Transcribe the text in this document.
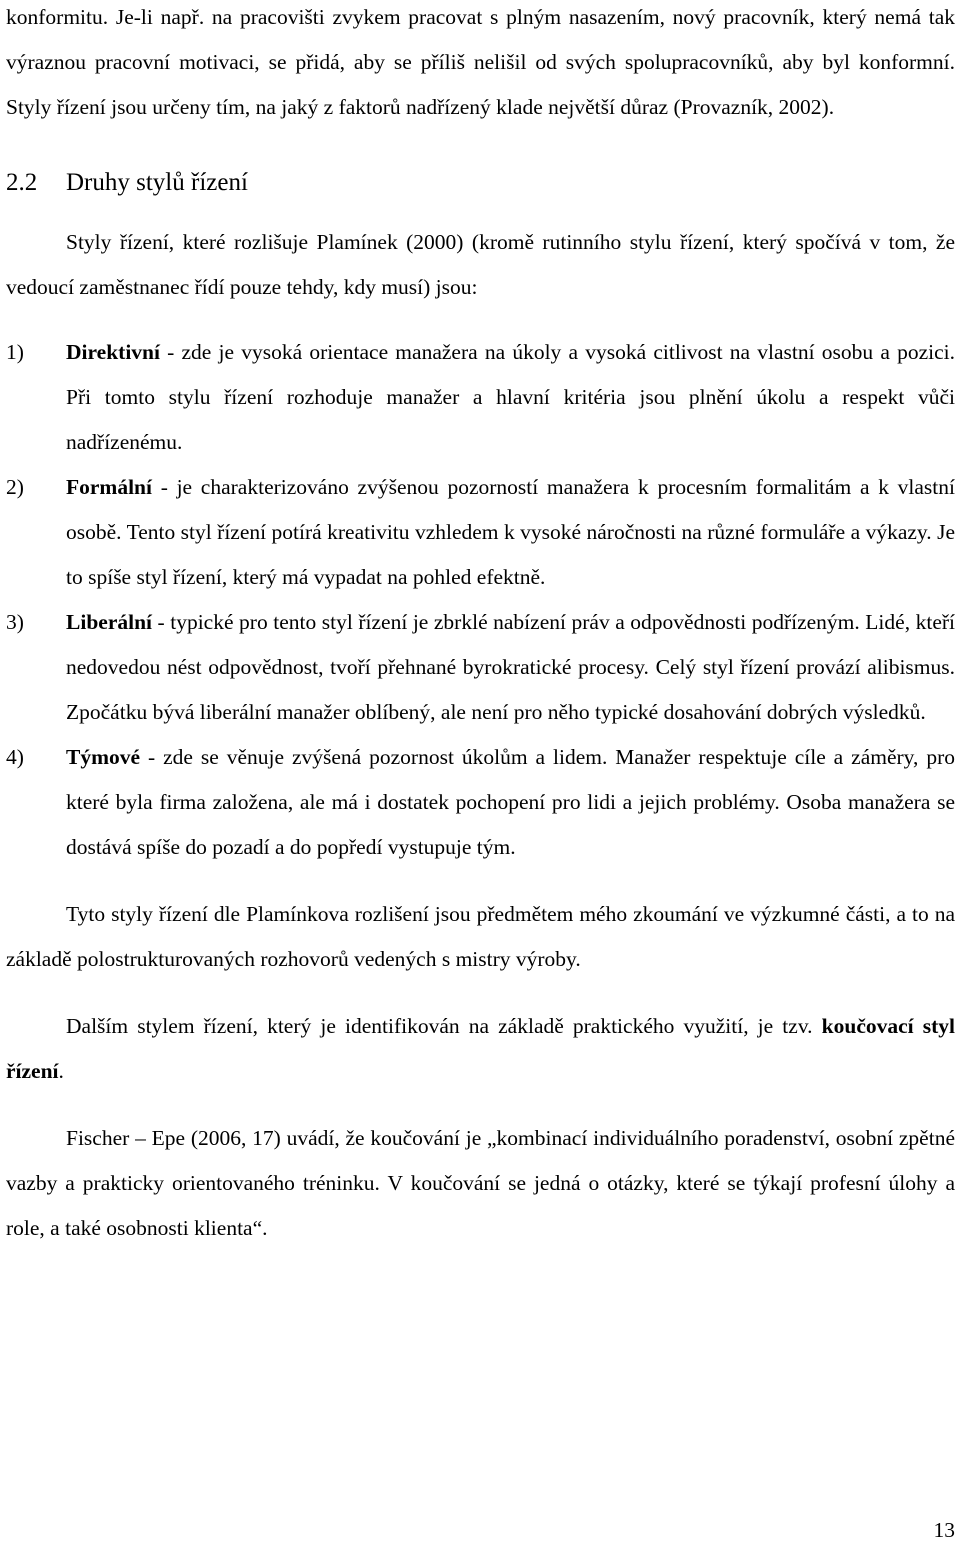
konformitu. Je-li např. na pracovišti zvykem pracovat s plným nasazením, nový pracovník, který nemá tak výraznou pracovní motivaci, se přidá, aby se příliš nelišil od svých spolupracovníků, aby byl konformní. Styly řízení jsou určeny tím, na jaký z faktorů nadřízený klade největší důraz (Provazník, 2002).

2.2 Druhy stylů řízení

Styly řízení, které rozlišuje Plamínek (2000) (kromě rutinního stylu řízení, který spočívá v tom, že vedoucí zaměstnanec řídí pouze tehdy, kdy musí) jsou:

1) Direktivní - zde je vysoká orientace manažera na úkoly a vysoká citlivost na vlastní osobu a pozici. Při tomto stylu řízení rozhoduje manažer a hlavní kritéria jsou plnění úkolu a respekt vůči nadřízenému.
2) Formální - je charakterizováno zvýšenou pozorností manažera k procesním formalitám a k vlastní osobě. Tento styl řízení potírá kreativitu vzhledem k vysoké náročnosti na různé formuláře a výkazy. Je to spíše styl řízení, který má vypadat na pohled efektně.
3) Liberální - typické pro tento styl řízení je zbrklé nabízení práv a odpovědnosti podřízeným. Lidé, kteří nedovedou nést odpovědnost, tvoří přehnané byrokratické procesy. Celý styl řízení provází alibismus. Zpočátku bývá liberální manažer oblíbený, ale není pro něho typické dosahování dobrých výsledků.
4) Týmové - zde se věnuje zvýšená pozornost úkolům a lidem. Manažer respektuje cíle a záměry, pro které byla firma založena, ale má i dostatek pochopení pro lidi a jejich problémy. Osoba manažera se dostává spíše do pozadí a do popředí vystupuje tým.

Tyto styly řízení dle Plamínkova rozlišení jsou předmětem mého zkoumání ve výzkumné části, a to na základě polostrukturovaných rozhovorů vedených s mistry výroby.

Dalším stylem řízení, který je identifikován na základě praktického využití, je tzv. koučovací styl řízení.

Fischer – Epe (2006, 17) uvádí, že koučování je „kombinací individuálního poradenství, osobní zpětné vazby a prakticky orientovaného tréninku. V koučování se jedná o otázky, které se týkají profesní úlohy a role, a také osobnosti klienta“.

13
